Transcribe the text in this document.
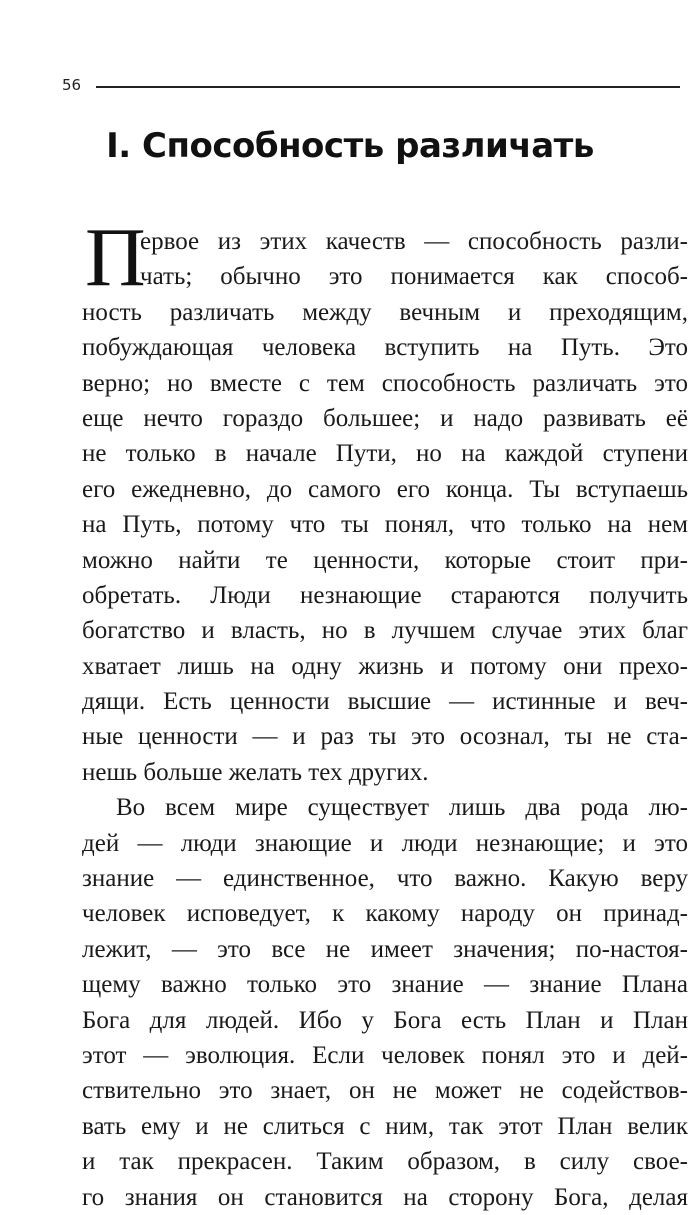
56
I. Способность различать
П
ервое из этих качеств — способность разли-
чать; обычно это понимается как способ-
ность различать между вечным и преходящим,
побуждающая человека вступить на Путь. Это
верно; но вместе с тем способность различать это
еще нечто гораздо большее; и надо развивать её
не только в начале Пути, но на каждой ступени
его ежедневно, до самого его конца. Ты вступаешь
на Путь, потому что ты понял, что только на нем
можно найти те ценности, которые стоит при-
обретать. Люди незнающие стараются получить
богатство и власть, но в лучшем случае этих благ
хватает лишь на одну жизнь и потому они прехо-
дящи. Есть ценности высшие — истинные и веч-
ные ценности — и раз ты это осознал, ты не ста-
нешь больше желать тех других.
Во всем мире существует лишь два рода лю-
дей — люди знающие и люди незнающие; и это
знание — единственное, что важно. Какую веру
человек исповедует, к какому народу он принад-
лежит, — это все не имеет значения; по-настоя-
щему важно только это знание — знание Плана
Бога для людей. Ибо у Бога есть План и План
этот — эволюция. Если человек понял это и дей-
ствительно это знает, он не может не содействов-
вать ему и не слиться с ним, так этот План велик
и так прекрасен. Таким образом, в силу свое-
го знания он становится на сторону Бога, делая
